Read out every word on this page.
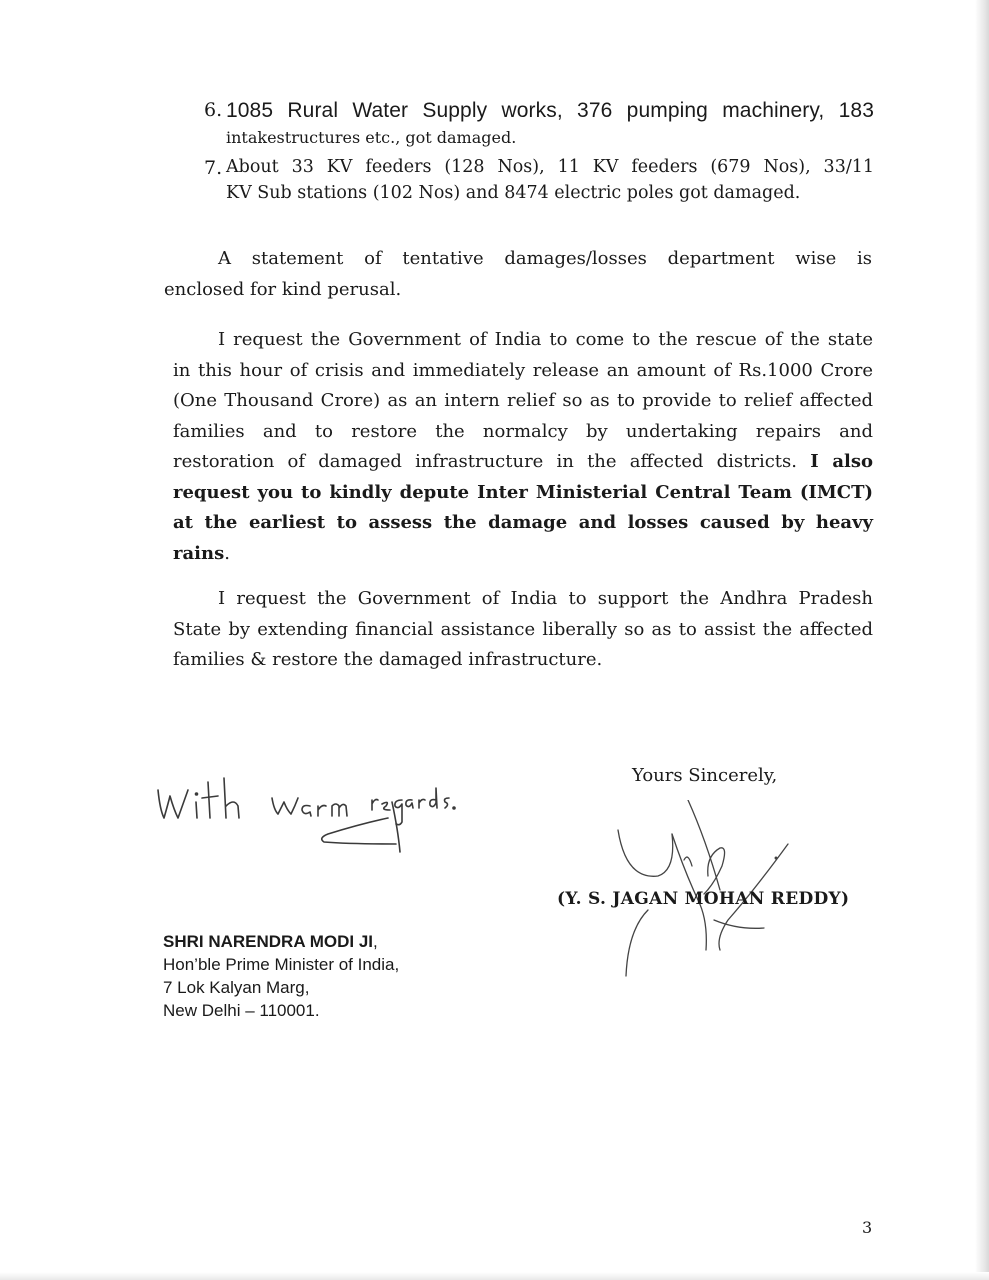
6. 1085 Rural Water Supply works, 376 pumping machinery, 183
intakestructures etc., got damaged.
7. About 33 KV feeders (128 Nos), 11 KV feeders (679 Nos), 33/11
KV Sub stations (102 Nos) and 8474 electric poles got damaged.

A statement of tentative damages/losses department wise is
enclosed for kind perusal.

I request the Government of India to come to the rescue of the state
in this hour of crisis and immediately release an amount of Rs.1000 Crore
(One Thousand Crore) as an intern relief so as to provide to relief affected
families and to restore the normalcy by undertaking repairs and
restoration of damaged infrastructure in the affected districts. I also
request you to kindly depute Inter Ministerial Central Team (IMCT)
at the earliest to assess the damage and losses caused by heavy
rains.

I request the Government of India to support the Andhra Pradesh
State by extending financial assistance liberally so as to assist the affected
families & restore the damaged infrastructure.

Yours Sincerely,
(Y. S. JAGAN MOHAN REDDY)
SHRI NARENDRA MODI JI,
Hon’ble Prime Minister of India,
7 Lok Kalyan Marg,
New Delhi – 110001.
3
